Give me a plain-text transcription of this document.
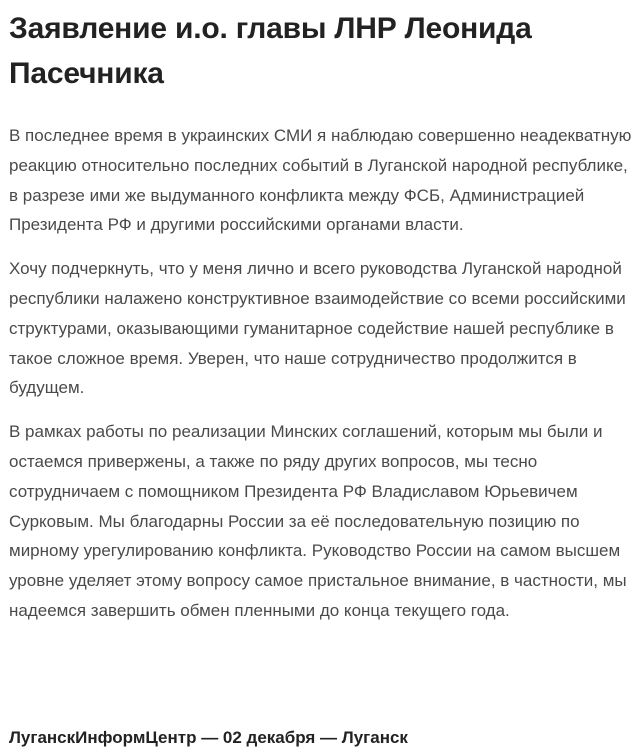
Заявление и.о. главы ЛНР Леонида Пасечника

В последнее время в украинских СМИ я наблюдаю совершенно неадекватную реакцию относительно последних событий в Луганской народной республике, в разрезе ими же выдуманного конфликта между ФСБ, Администрацией Президента РФ и другими российскими органами власти.

Хочу подчеркнуть, что у меня лично и всего руководства Луганской народной республики налажено конструктивное взаимодействие со всеми российскими структурами, оказывающими гуманитарное содействие нашей республике в такое сложное время. Уверен, что наше сотрудничество продолжится в будущем.

В рамках работы по реализации Минских соглашений, которым мы были и остаемся привержены, а также по ряду других вопросов, мы тесно сотрудничаем с помощником Президента РФ Владиславом Юрьевичем Сурковым. Мы благодарны России за её последовательную позицию по мирному урегулированию конфликта. Руководство России на самом высшем уровне уделяет этому вопросу самое пристальное внимание, в частности, мы надеемся завершить обмен пленными до конца текущего года.

ЛуганскИнформЦентр — 02 декабря — Луганск
